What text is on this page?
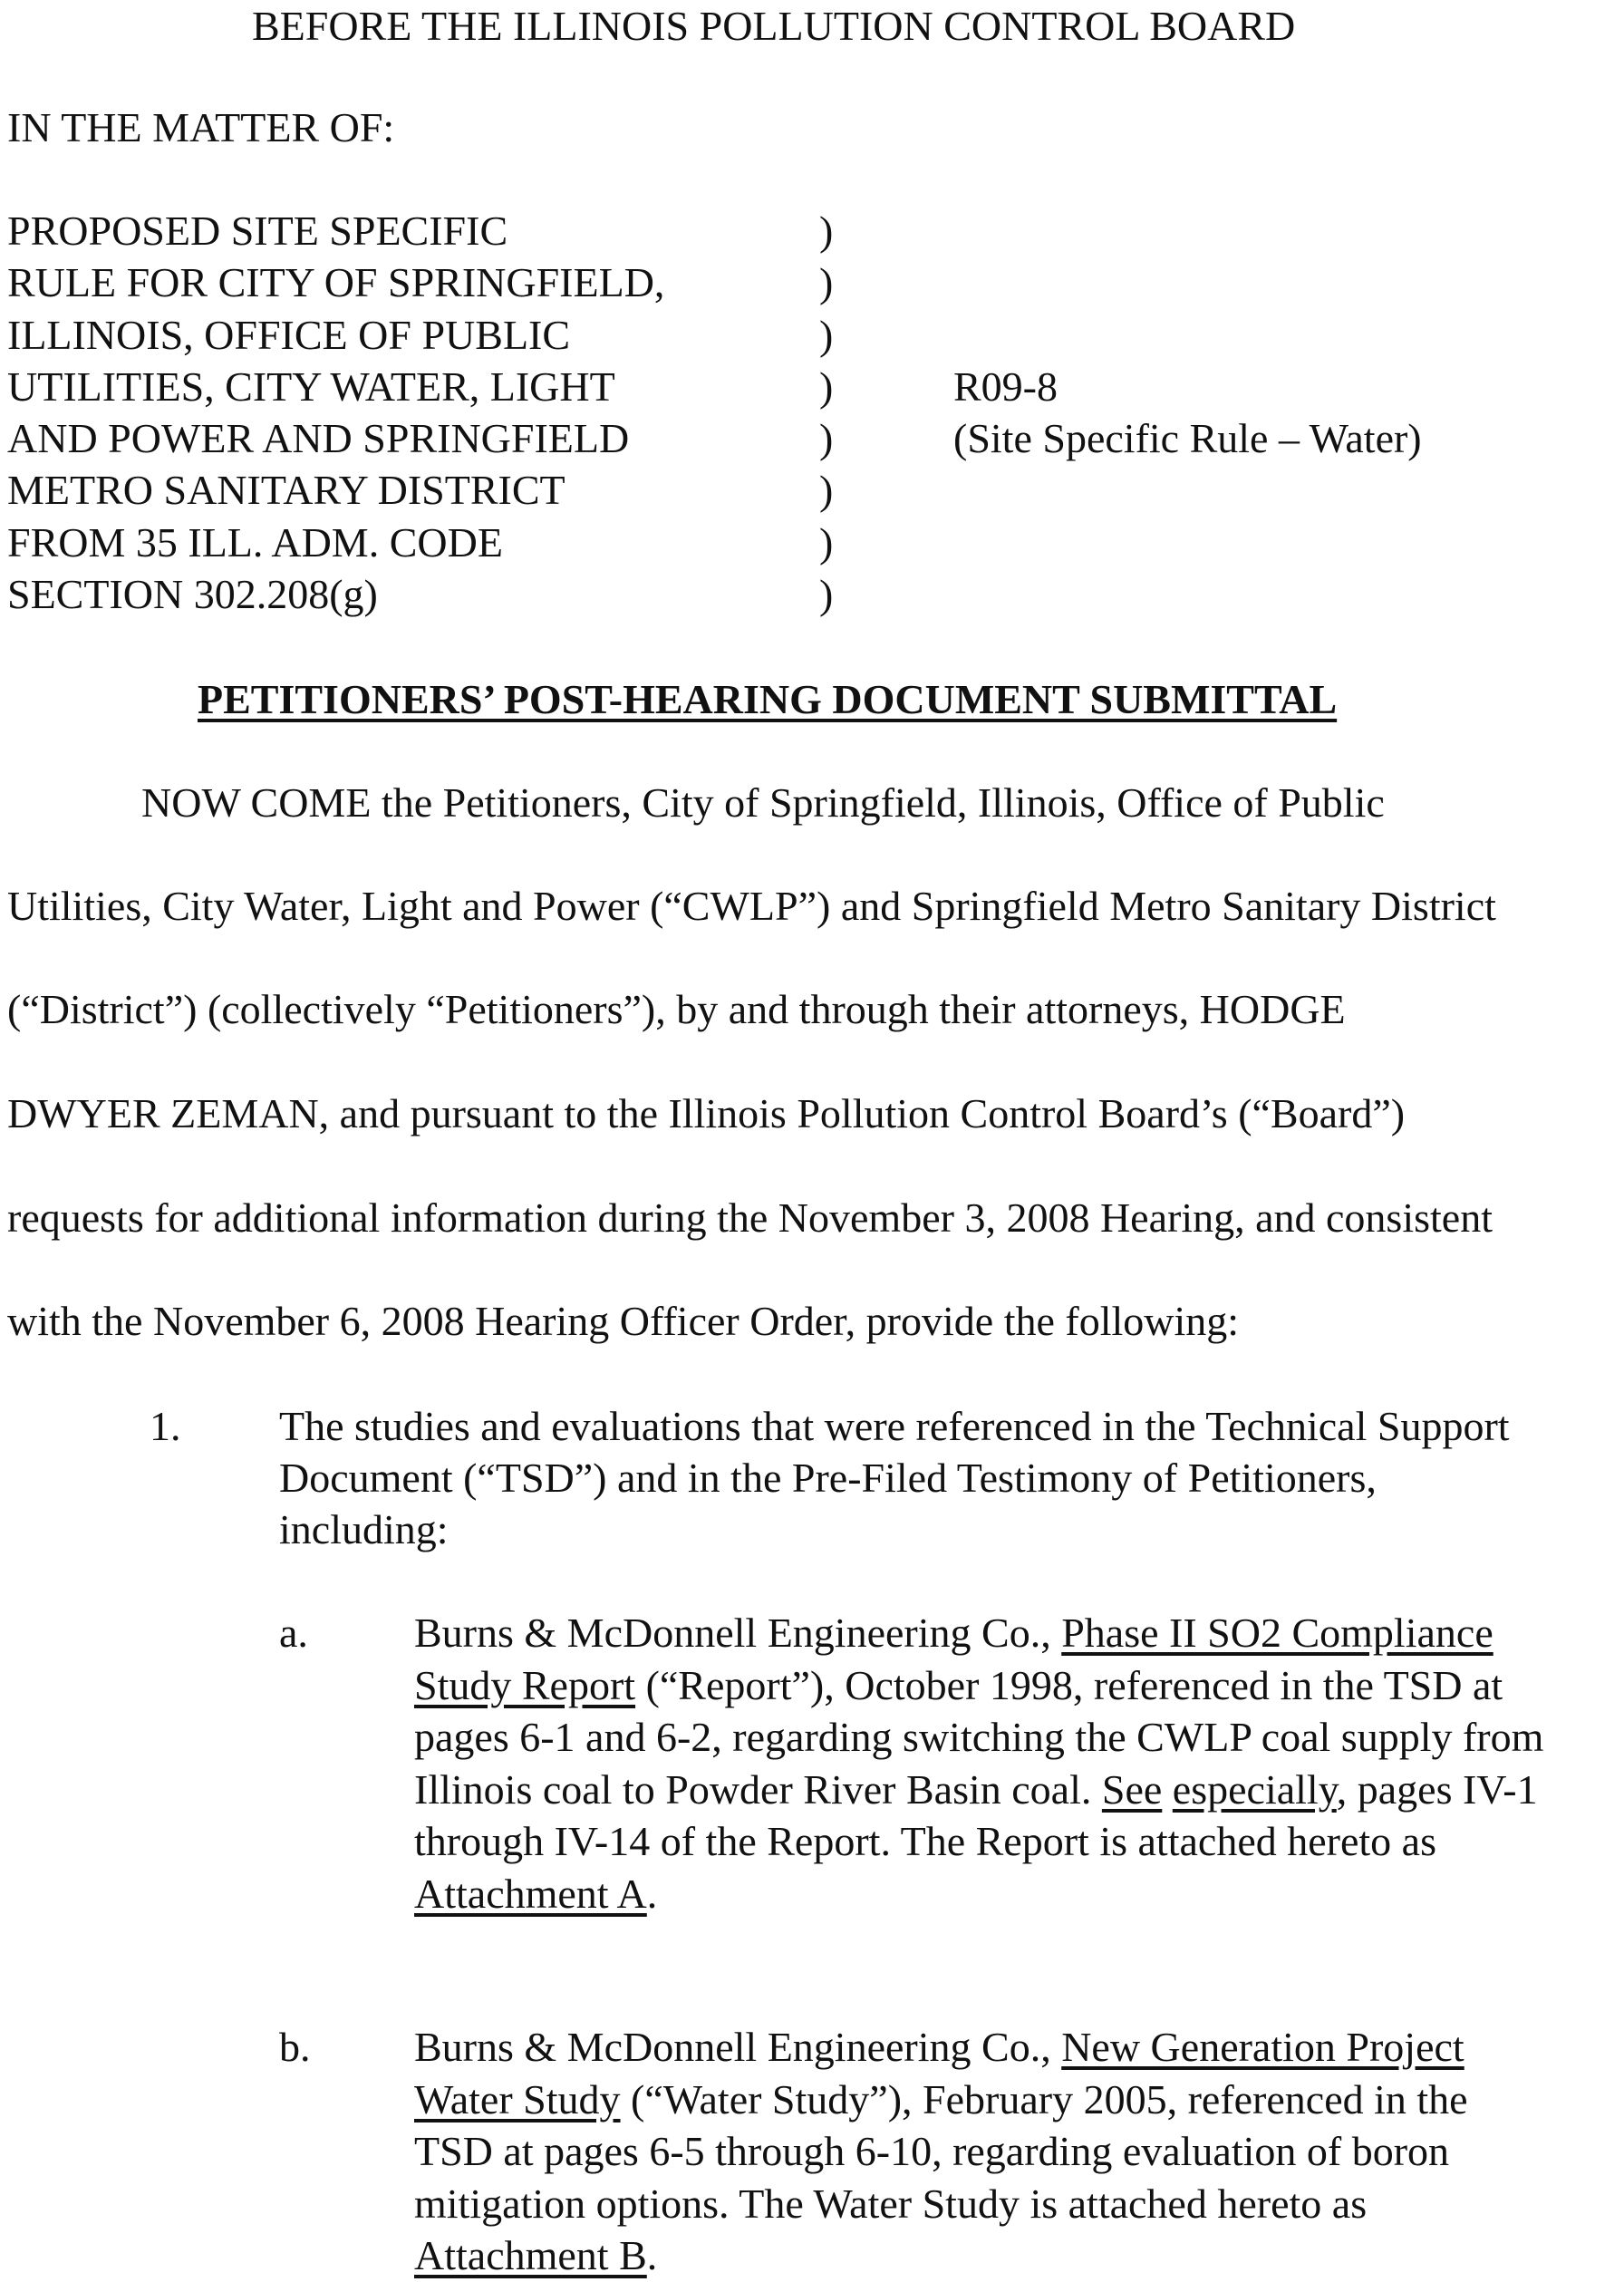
BEFORE THE ILLINOIS POLLUTION CONTROL BOARD
IN THE MATTER OF:
PROPOSED SITE SPECIFIC
RULE FOR CITY OF SPRINGFIELD,
ILLINOIS, OFFICE OF PUBLIC
UTILITIES, CITY WATER, LIGHT
AND POWER AND SPRINGFIELD
METRO SANITARY DISTRICT
FROM 35 ILL. ADM. CODE
SECTION 302.208(g)
)
)
)
)
)
)
)
)
R09-8
(Site Specific Rule – Water)
PETITIONERS’ POST-HEARING DOCUMENT SUBMITTAL
NOW COME the Petitioners, City of Springfield, Illinois, Office of Public
Utilities, City Water, Light and Power (“CWLP”) and Springfield Metro Sanitary District
(“District”) (collectively “Petitioners”), by and through their attorneys, HODGE
DWYER ZEMAN, and pursuant to the Illinois Pollution Control Board’s (“Board”)
requests for additional information during the November 3, 2008 Hearing, and consistent
with the November 6, 2008 Hearing Officer Order, provide the following:
1. The studies and evaluations that were referenced in the Technical Support Document (“TSD”) and in the Pre-Filed Testimony of Petitioners, including:
a.	Burns & McDonnell Engineering Co., Phase II SO2 Compliance Study Report (“Report”), October 1998, referenced in the TSD at pages 6-1 and 6-2, regarding switching the CWLP coal supply from Illinois coal to Powder River Basin coal. See especially, pages IV-1 through IV-14 of the Report. The Report is attached hereto as Attachment A.
b. Burns & McDonnell Engineering Co., New Generation Project Water Study (“Water Study”), February 2005, referenced in the TSD at pages 6-5 through 6-10, regarding evaluation of boron mitigation options. The Water Study is attached hereto as Attachment B.
